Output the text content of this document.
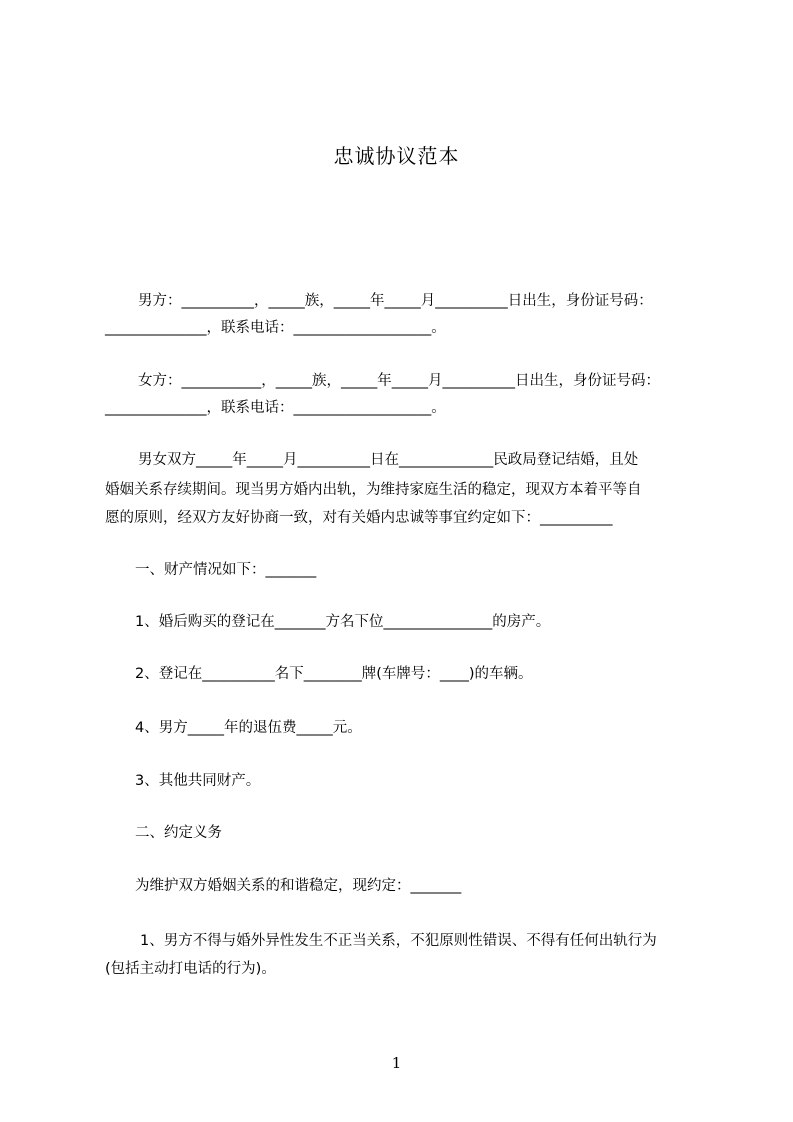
忠诚协议范本
男方：__________，_____族，_____年_____月__________日出生，身份证号码：
______________，联系电话：___________________。
女方：___________，_____族，_____年_____月__________日出生，身份证号码：
______________，联系电话：___________________。
男女双方_____年_____月__________日在_____________民政局登记结婚，且处
婚姻关系存续期间。现当男方婚内出轨，为维持家庭生活的稳定，现双方本着平等自
愿的原则，经双方友好协商一致，对有关婚内忠诚等事宜约定如下：__________
一、财产情况如下：_______
1、婚后购买的登记在_______方名下位_______________的房产。
2、登记在__________名下________牌(车牌号：____)的车辆。
4、男方_____年的退伍费_____元。
3、其他共同财产。
二、约定义务
为维护双方婚姻关系的和谐稳定，现约定：_______
1、男方不得与婚外异性发生不正当关系，不犯原则性错误、不得有任何出轨行为
(包括主动打电话的行为)。
1
